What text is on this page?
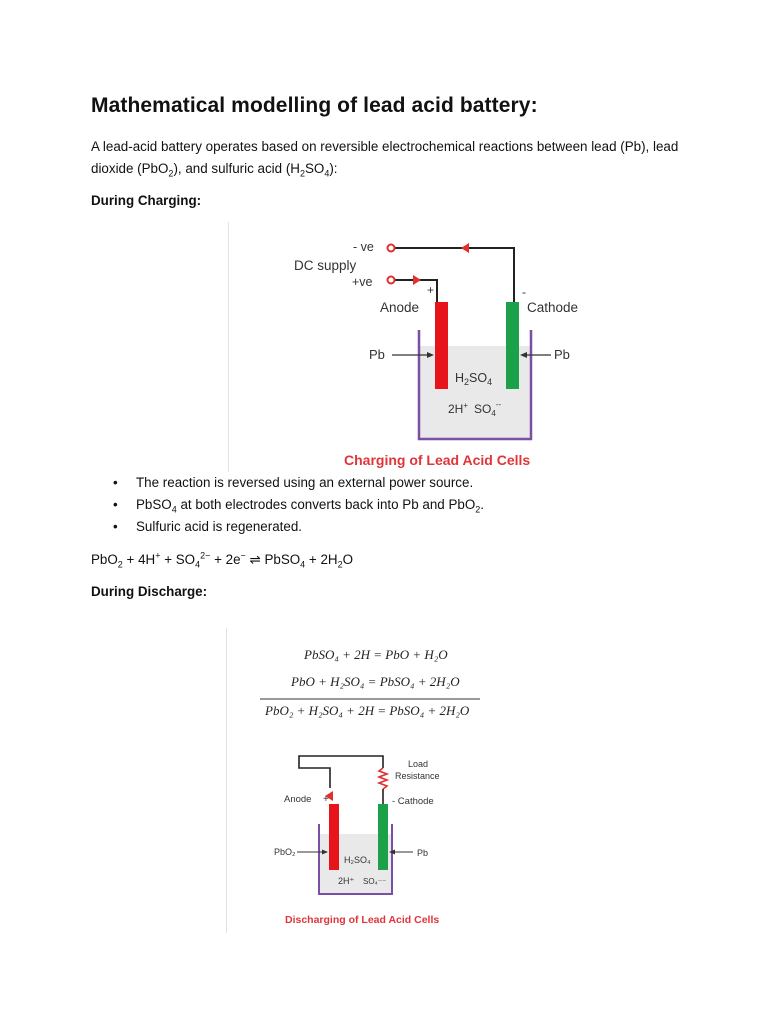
Mathematical modelling of lead acid battery:

A lead-acid battery operates based on reversible electrochemical reactions between lead (Pb), lead dioxide (PbO$_2$), and sulfuric acid $(H_2SO_4)$:

During Charging:

- ve
DC supply
+ve
+	-
Anode	Cathode
Pb	Pb
$H_2SO_4$
2H+ $SO_4^{--}$
Charging of Lead Acid Cells
• The reaction is reversed using an external power source.
• PbSO$_4$ at both electrodes converts back into Pb and PbO$_2$.
• Sulfuric acid is regenerated.

$PbO_2 + 4H^+ + SO_4^{2-} + 2e^-$ ⇌ PbSO$_4$ + $2H_2O$

During Discharge:

PbSO₄ + 2H = PbO + H₂O
PbO + H₂SO₄ = PbSO₄ + 2H₂O
PbO₂ + H₂SO₄ + 2H = PbSO₄ + 2H₂O
Load
Resistance
Anode +	- Cathode
PbO₂	Pb
H₂SO₄
2H⁺ SO₄⁻⁻
Discharging of Lead Acid Cells
